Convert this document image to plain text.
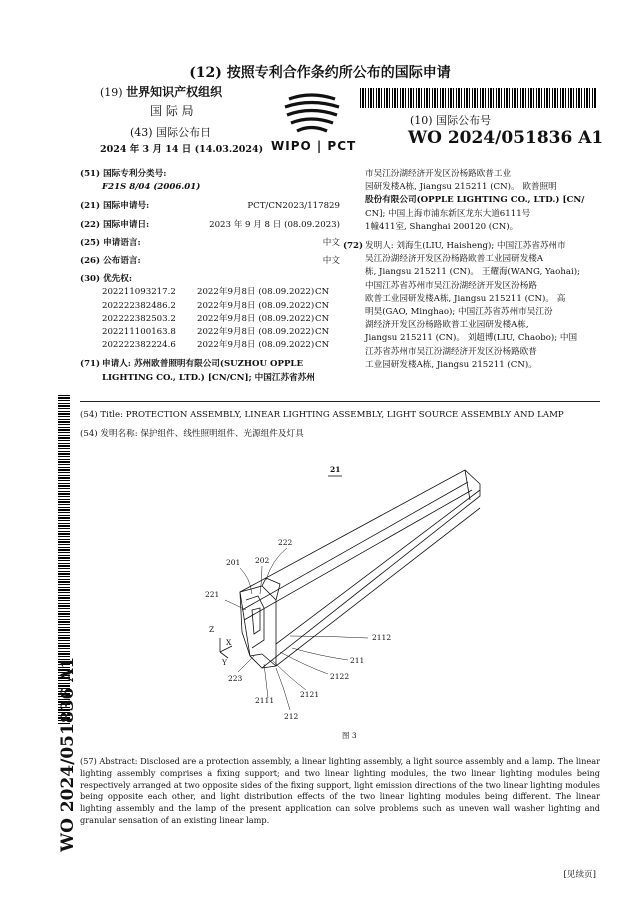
(12) 按照专利合作条约所公布的国际申请
(19) 世界知识产权组织
国 际 局
(43) 国际公布日
2024 年 3 月 14 日 (14.03.2024) WIPO | PCT
(10) 国际公布号
WO 2024/051836 A1
(51) 国际专利分类号:
F21S 8/04 (2006.01)
(21) 国际申请号:	PCT/CN2023/117829
(22) 国际申请日:	2023 年 9 月 8 日 (08.09.2023)
(25) 申请语言:	中文
(26) 公布语言:	中文
(30) 优先权:
202211093217.2	2022年9月8日 (08.09.2022) CN
202222382486.2	2022年9月8日 (08.09.2022) CN
202222382503.2	2022年9月8日 (08.09.2022) CN
202211100163.8	2022年9月8日 (08.09.2022) CN
202222382224.6	2022年9月8日 (08.09.2022) CN
(71) 申请人: 苏州欧普照明有限公司(SUZHOU OPPLE
LIGHTING CO., LTD.) [CN/CN]; 中国江苏省苏州
市吴江汾湖经济开发区汾杨路欧普工业
园研发楼A栋, Jiangsu 215211 (CN)。 欧普照明
股份有限公司(OPPLE LIGHTING CO., LTD.) [CN/
CN]; 中国上海市浦东新区龙东大道6111号
1幢411室, Shanghai 200120 (CN)。
(72) 发明人: 刘海生(LIU, Haisheng); 中国江苏省苏州市
吴江汾湖经济开发区汾杨路欧普工业园研发楼A
栋, Jiangsu 215211 (CN)。 王耀海(WANG, Yaohai);
中国江苏省苏州市吴江汾湖经济开发区汾杨路
欧普工业园研发楼A栋, Jiangsu 215211 (CN)。 高
明昊(GAO, Minghao); 中国江苏省苏州市吴江汾
湖经济开发区汾杨路欧普工业园研发楼A栋,
Jiangsu 215211 (CN)。 刘超博(LIU, Chaobo); 中国
江苏省苏州市吴江汾湖经济开发区汾杨路欧普
工业园研发楼A栋, Jiangsu 215211 (CN)。
WO 2024/051836 A1
(54) Title: PROTECTION ASSEMBLY, LINEAR LIGHTING ASSEMBLY, LIGHT SOURCE ASSEMBLY AND LAMP
(54) 发明名称: 保护组件、线性照明组件、光源组件及灯具
21
222
201 202
221
2112
211
2122
223
2121
2111
212
Z
X
Y
图 3
(57) Abstract: Disclosed are a protection assembly, a linear lighting assembly, a light source assembly and a lamp. The linear lighting assembly comprises a fixing support; and two linear lighting modules, the two linear lighting modules being respectively arranged at two opposite sides of the fixing support, light emission directions of the two linear lighting modules being opposite each other, and light distribution effects of the two linear lighting modules being different. The linear lighting assembly and the lamp of the present application can solve problems such as uneven wall washer lighting and granular sensation of an existing linear lamp.
[见续页]
